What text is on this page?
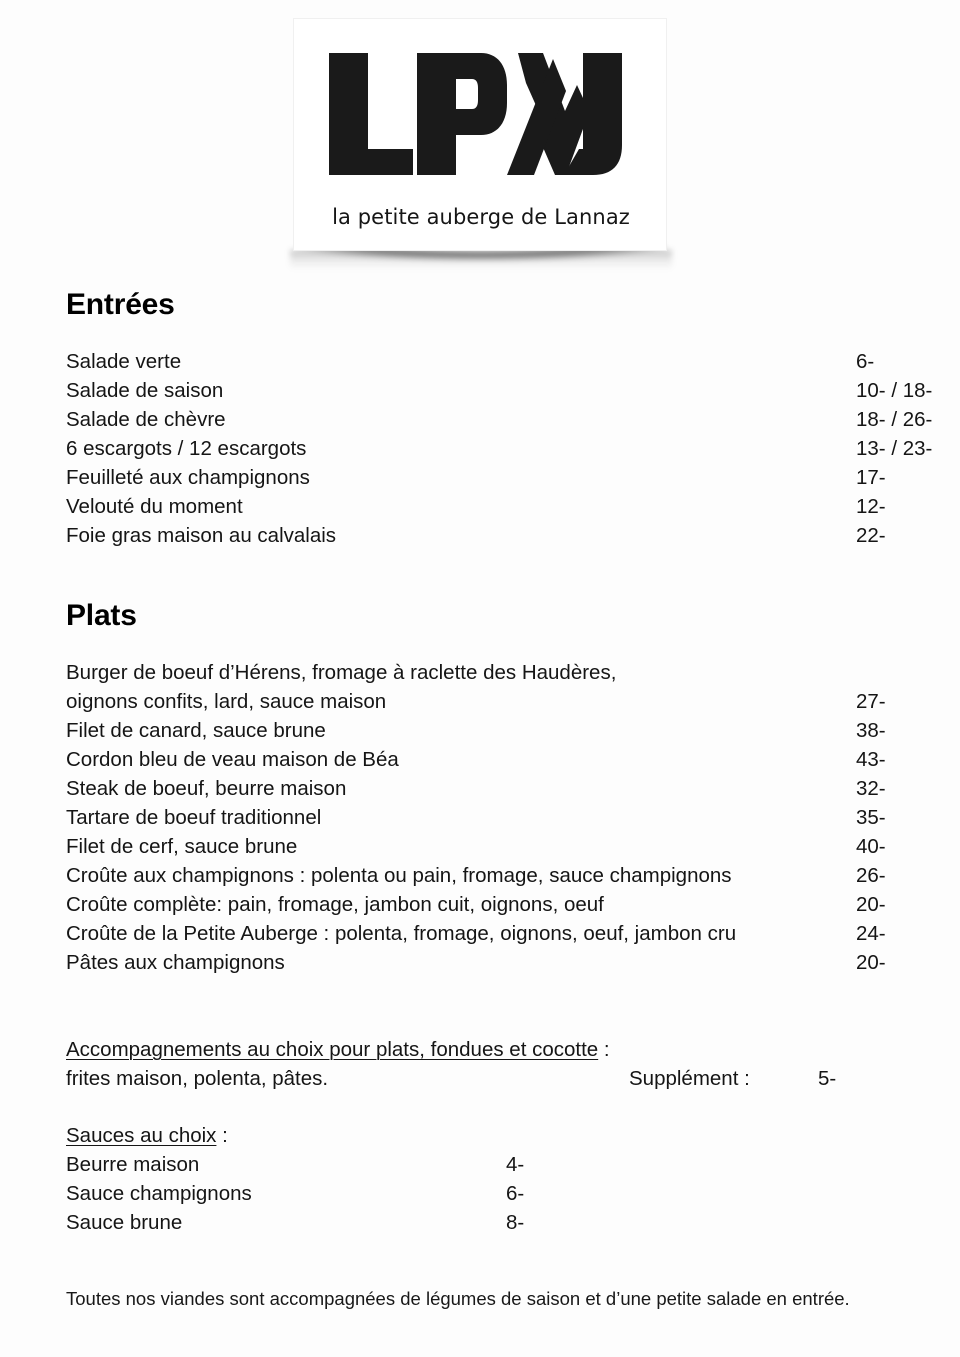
la petite auberge de Lannaz
Entrées
Salade verte	6-
Salade de saison	10- / 18-
Salade de chèvre	18- / 26-
6 escargots / 12 escargots	13- / 23-
Feuilleté aux champignons	17-
Velouté du moment	12-
Foie gras maison au calvalais	22-
Plats
Burger de boeuf d’Hérens, fromage à raclette des Haudères,
oignons confits, lard, sauce maison	27-
Filet de canard, sauce brune	38-
Cordon bleu de veau maison de Béa	43-
Steak de boeuf, beurre maison	32-
Tartare de boeuf traditionnel	35-
Filet de cerf, sauce brune	40-
Croûte aux champignons : polenta ou pain, fromage, sauce champignons	26-
Croûte complète: pain, fromage, jambon cuit, oignons, oeuf	20-
Croûte de la Petite Auberge : polenta, fromage, oignons, oeuf, jambon cru	24-
Pâtes aux champignons	20-
Accompagnements au choix pour plats, fondues et cocotte :
frites maison, polenta, pâtes.	Supplément :	5-
Sauces au choix :
Beurre maison	4-
Sauce champignons	6-
Sauce brune	8-
Toutes nos viandes sont accompagnées de légumes de saison et d’une petite salade en entrée.
